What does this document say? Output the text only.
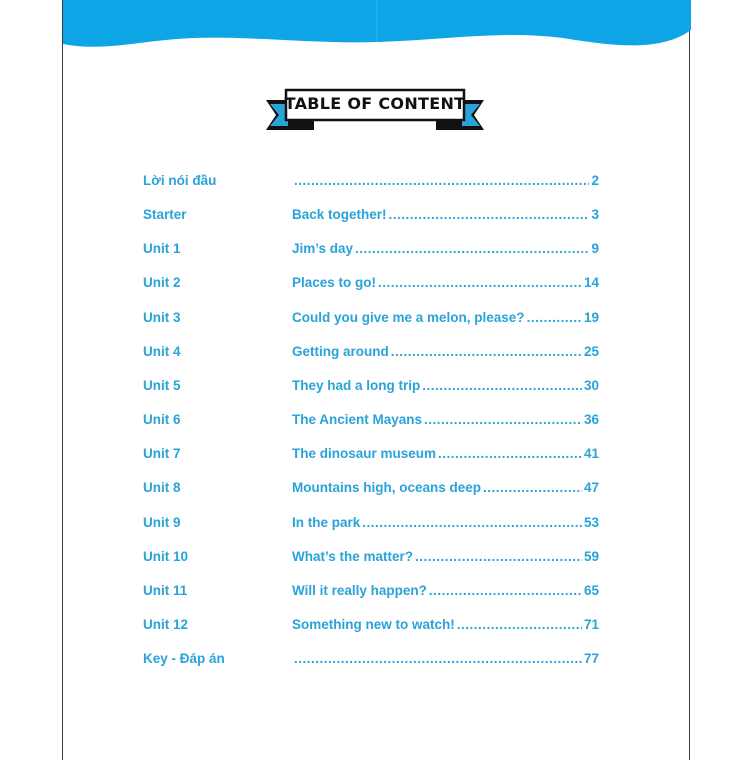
TABLE OF CONTENT
Lời nói đầu .....	2
Starter	Back together! .....	3
Unit 1	Jim’s day .....	9
Unit 2	Places to go! .....	14
Unit 3	Could you give me a melon, please? .....	19
Unit 4	Getting around .....	25
Unit 5	They had a long trip .....	30
Unit 6	The Ancient Mayans .....	36
Unit 7	The dinosaur museum .....	41
Unit 8	Mountains high, oceans deep .....	47
Unit 9	In the park .....	53
Unit 10	What’s the matter? .....	59
Unit 11	Will it really happen? .....	65
Unit 12	Something new to watch! .....	71
Key - Đáp án .....	77
